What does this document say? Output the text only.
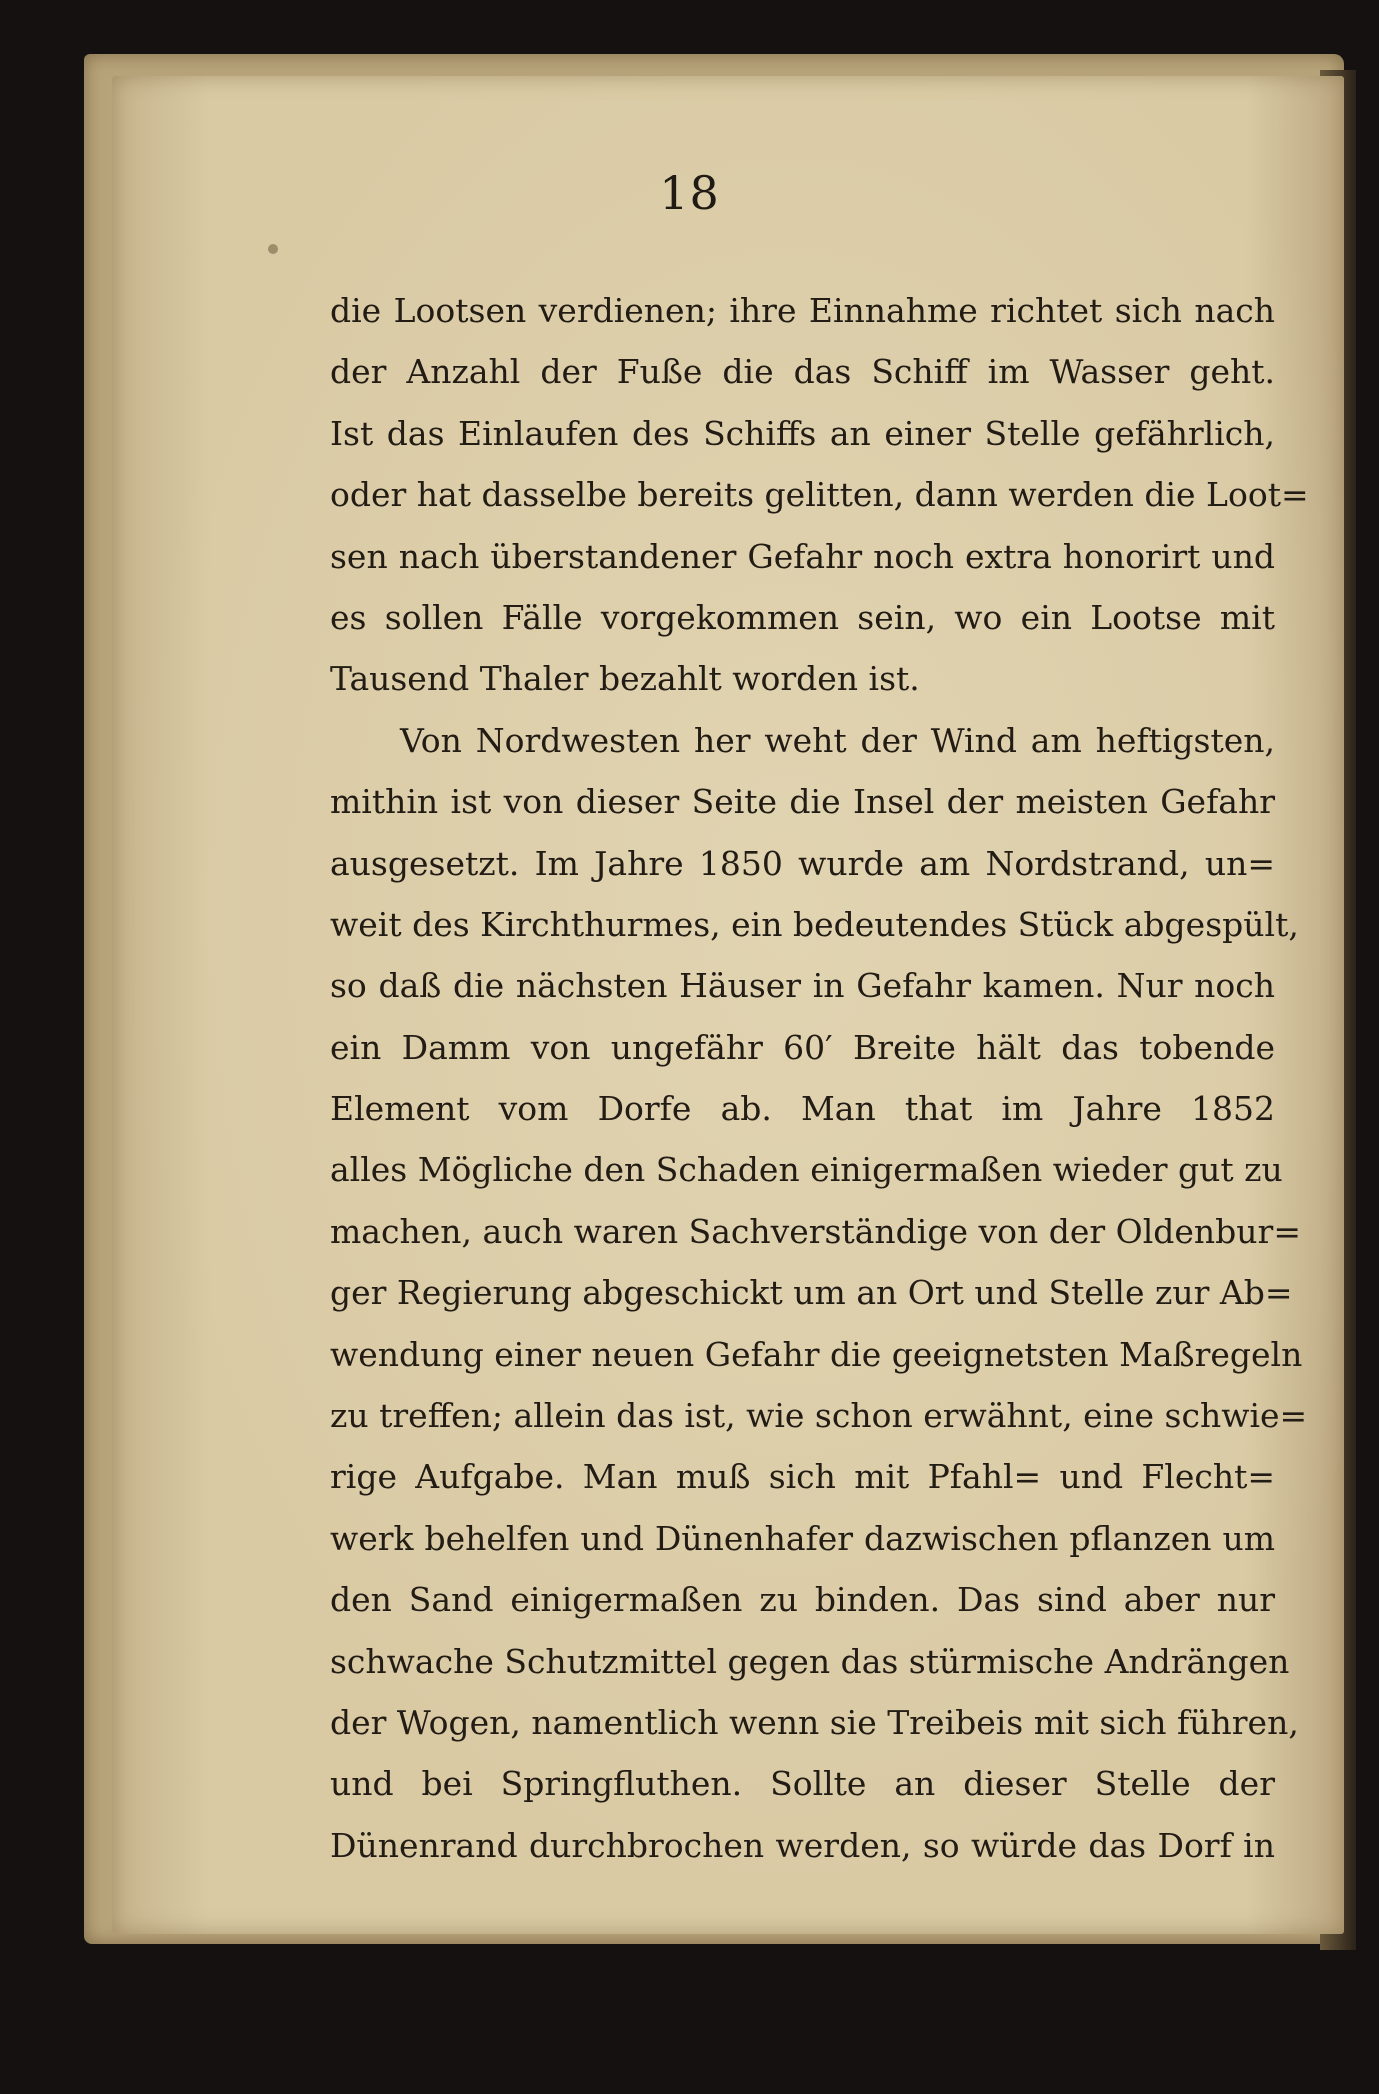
18
die Lootsen verdienen; ihre Einnahme richtet sich nach
der Anzahl der Fuße die das Schiff im Wasser geht.
Ist das Einlaufen des Schiffs an einer Stelle gefährlich,
oder hat dasselbe bereits gelitten, dann werden die Loot=
sen nach überstandener Gefahr noch extra honorirt und
es sollen Fälle vorgekommen sein, wo ein Lootse mit
Tausend Thaler bezahlt worden ist.
Von Nordwesten her weht der Wind am heftigsten,
mithin ist von dieser Seite die Insel der meisten Gefahr
ausgesetzt. Im Jahre 1850 wurde am Nordstrand, un=
weit des Kirchthurmes, ein bedeutendes Stück abgespült,
so daß die nächsten Häuser in Gefahr kamen. Nur noch
ein Damm von ungefähr 60′ Breite hält das tobende
Element vom Dorfe ab. Man that im Jahre 1852
alles Mögliche den Schaden einigermaßen wieder gut zu
machen, auch waren Sachverständige von der Oldenbur=
ger Regierung abgeschickt um an Ort und Stelle zur Ab=
wendung einer neuen Gefahr die geeignetsten Maßregeln
zu treffen; allein das ist, wie schon erwähnt, eine schwie=
rige Aufgabe. Man muß sich mit Pfahl= und Flecht=
werk behelfen und Dünenhafer dazwischen pflanzen um
den Sand einigermaßen zu binden. Das sind aber nur
schwache Schutzmittel gegen das stürmische Andrängen
der Wogen, namentlich wenn sie Treibeis mit sich führen,
und bei Springfluthen. Sollte an dieser Stelle der
Dünenrand durchbrochen werden, so würde das Dorf in
